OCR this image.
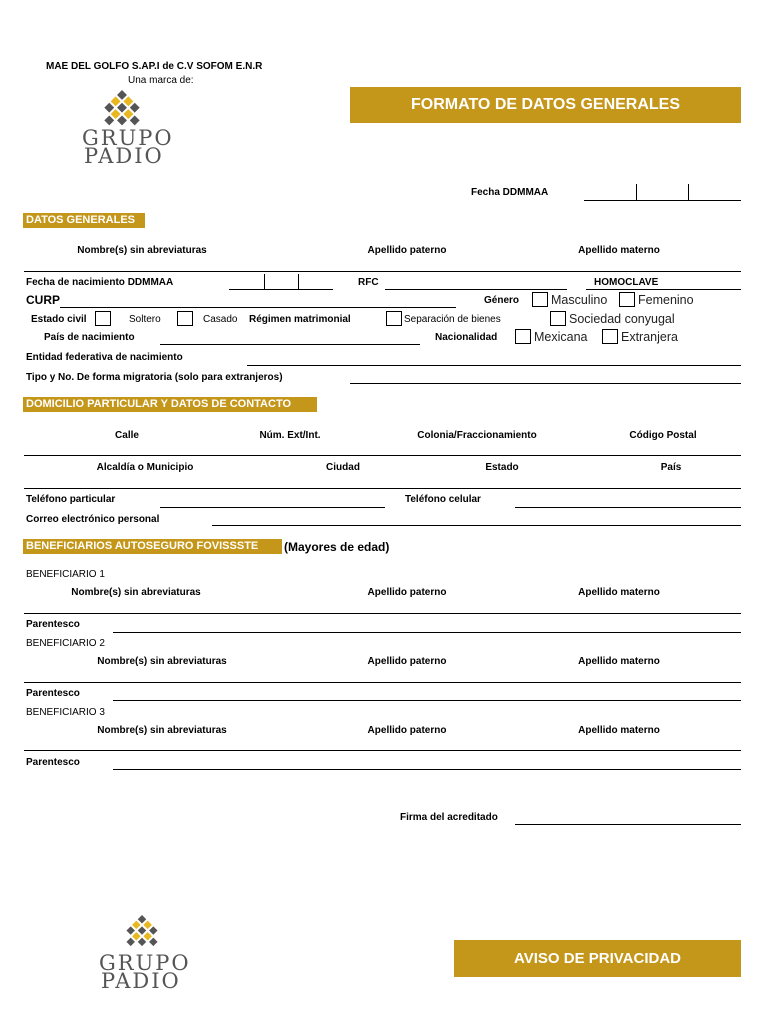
MAE DEL GOLFO S.AP.I de C.V SOFOM E.N.R
Una marca de:
GRUPO
PADIO
FORMATO DE DATOS GENERALES
Fecha DDMMAA
DATOS GENERALES
Nombre(s) sin abreviaturas	Apellido paterno	Apellido materno
Fecha de nacimiento DDMMAA	RFC	HOMOCLAVE
CURP	Género	Masculino Femenino
Estado civil	Soltero	Casado Régimen matrimonial	Separación de bienes	Sociedad conyugal
País de nacimiento	Nacionalidad	Mexicana	Extranjera
Entidad federativa de nacimiento
Tipo y No. De forma migratoria (solo para extranjeros)
DOMICILIO PARTICULAR Y DATOS DE CONTACTO
Calle	Núm. Ext/Int.	Colonia/Fraccionamiento	Código Postal
Alcaldía o Municipio	Ciudad	Estado	País
Teléfono particular	Teléfono celular
Correo electrónico personal
BENEFICIARIOS AUTOSEGURO FOVISSSTE	(Mayores de edad)
BENEFICIARIO 1
Nombre(s) sin abreviaturas	Apellido paterno	Apellido materno
Parentesco
BENEFICIARIO 2
Nombre(s) sin abreviaturas	Apellido paterno	Apellido materno
Parentesco
BENEFICIARIO 3
Nombre(s) sin abreviaturas	Apellido paterno	Apellido materno
Parentesco
Firma del acreditado
GRUPO
PADIO
AVISO DE PRIVACIDAD
